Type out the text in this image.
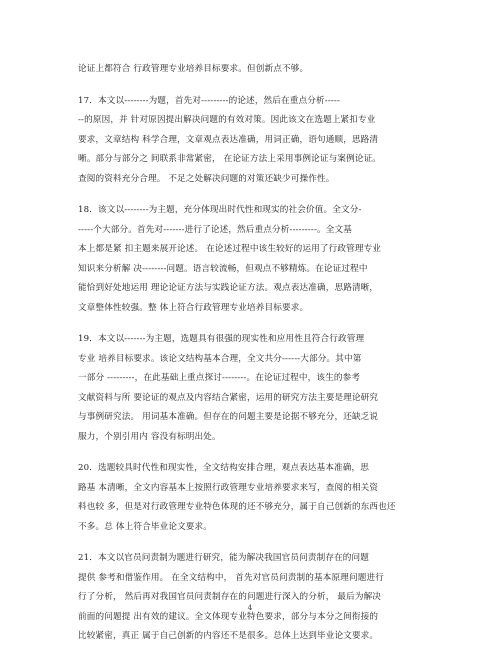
论证上都符合 行政管理专业培养目标要求。但创新点不够。
17．本文以--------为题，首先对---------的论述，然后在重点分析-----
--的原因，并 针对原因提出解决问题的有效对策。因此该文在选题上紧扣专业
要求，文章结构 科学合理，文章观点表达准确，用词正确，语句通顺，思路清
晰。部分与部分之 间联系非常紧密， 在论证方法上采用事例论证与案例论证。
查阅的资料充分合理。 不足之处解决问题的对策还缺少可操作性。
18．该文以--------为主题，充分体现出时代性和现实的社会价值。全文分-
-----个大部分。首先对-------进行了论述，然后重点分析---------。全文基
本上都是紧 扣主题来展开论述。 在论述过程中该生较好的运用了行政管理专业
知识来分析解 决--------问题。语言较流畅，但观点不够精炼。在论证过程中
能恰到好处地运用 理论论证方法与实践论证方法。观点表达准确，思路清晰，
文章整体性较强。整 体上符合行政管理专业培养目标要求。
19．本文以-------为主题，选题具有很强的现实性和应用性且符合行政管理
专业 培养目标要求。该论文结构基本合理，全文共分------大部分。其中第
一部分 ---------，在此基础上重点探讨--------。在论证过程中，该生的参考
文献资料与所 要论证的观点及内容结合紧密，运用的研究方法主要是理论研究
与事例研究法。 用词基本准确。但存在的问题主要是论据不够充分，还缺乏说
服力，个别引用内 容没有标明出处。
20．选题较具时代性和现实性，全文结构安排合理，观点表达基本准确，思
路基 本清晰，全文内容基本上按照行政管理专业培养要求来写，查阅的相关资
料也较 多，但是对行政管理专业特色体现的还不够充分，属于自己创新的东西也还
不多。总 体上符合毕业论文要求。
21．本文以官员问责制为题进行研究，能为解决我国官员问责制存在的问题
提供 参考和借鉴作用。 在全文结构中， 首先对官员问责制的基本原理问题进行
行了分析， 然后再对我国官员问责制存在的问题进行深入的分析， 最后为解决
前面的问题提 出有效的建议。全文体现专业特色要求，部分与本分之间衔接的
比较紧密，真正 属于自己创新的内容还不是很多。总体上达到毕业论文要求。
4
